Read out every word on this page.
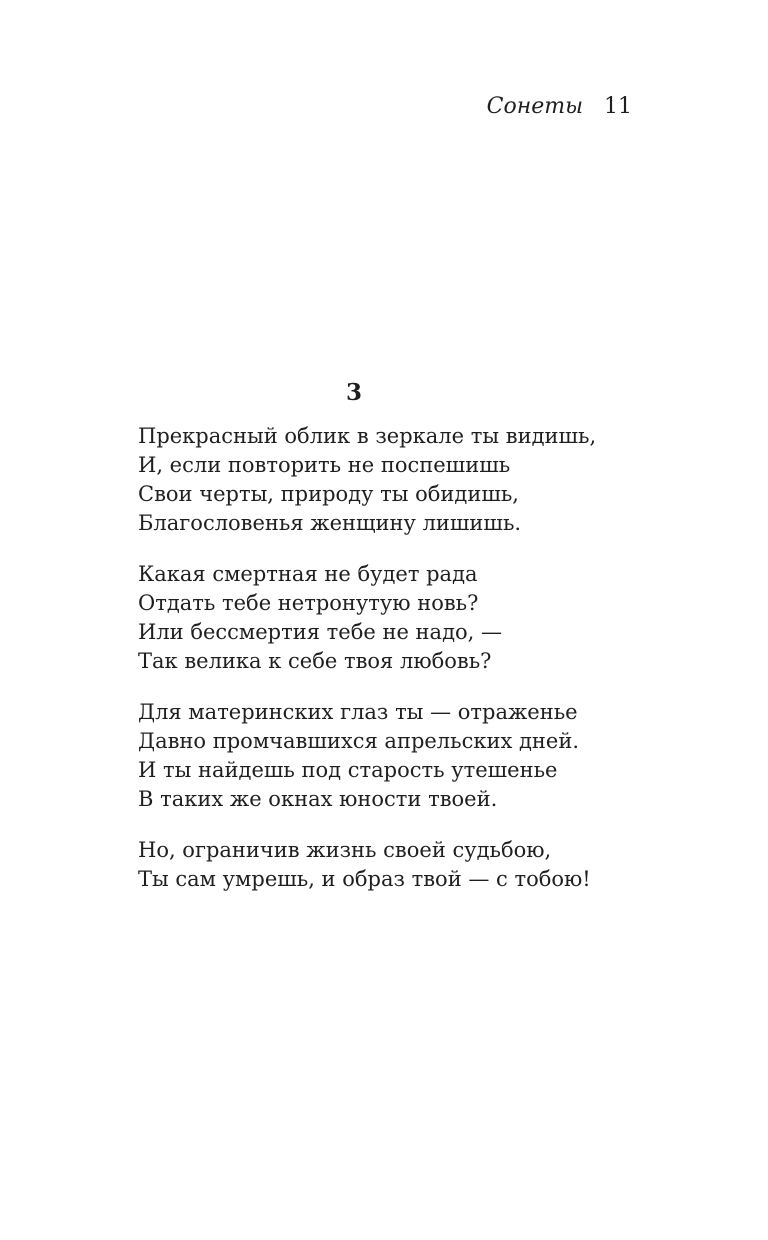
Сонеты 11
3
Прекрасный облик в зеркале ты видишь,
И, если повторить не поспешишь
Свои черты, природу ты обидишь,
Благословенья женщину лишишь.
Какая смертная не будет рада
Отдать тебе нетронутую новь?
Или бессмертия тебе не надо, —
Так велика к себе твоя любовь?
Для материнских глаз ты — отраженье
Давно промчавшихся апрельских дней.
И ты найдешь под старость утешенье
В таких же окнах юности твоей.
Но, ограничив жизнь своей судьбою,
Ты сам умрешь, и образ твой — с тобою!
